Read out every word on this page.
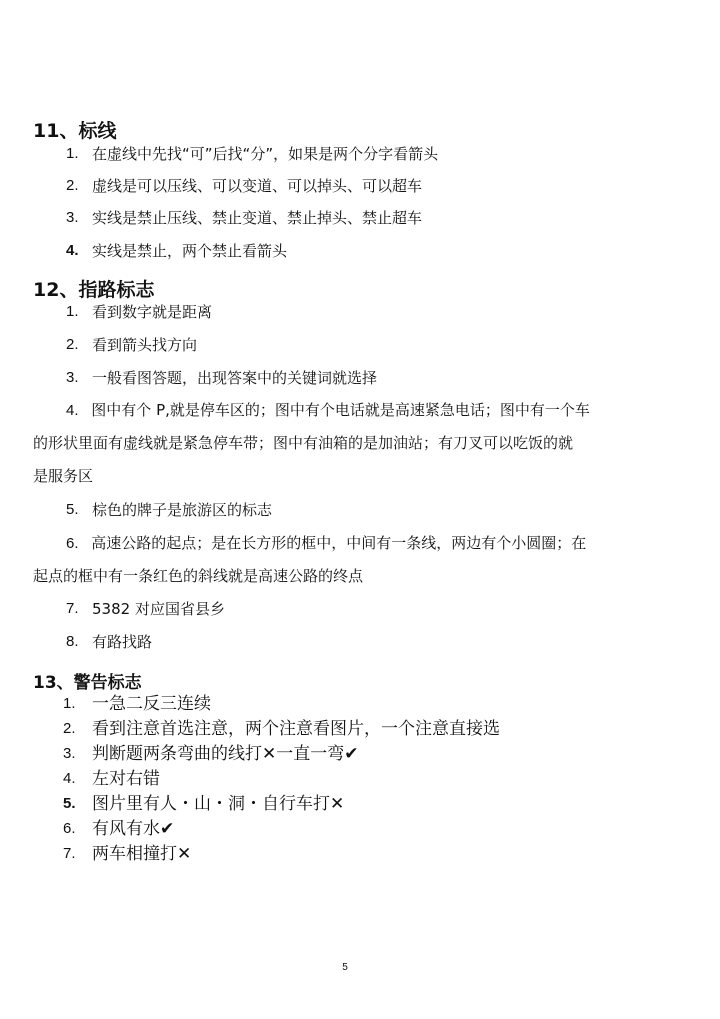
11、标线
1. 在虚线中先找“可”后找“分”，如果是两个分字看箭头
2. 虚线是可以压线、可以变道、可以掉头、可以超车
3. 实线是禁止压线、禁止变道、禁止掉头、禁止超车
4. 实线是禁止，两个禁止看箭头
12、指路标志
1. 看到数字就是距离
2. 看到箭头找方向
3. 一般看图答题，出现答案中的关键词就选择
4. 图中有个 P,就是停车区的；图中有个电话就是高速紧急电话；图中有一个车
的形状里面有虚线就是紧急停车带；图中有油箱的是加油站；有刀叉可以吃饭的就
是服务区
5. 棕色的牌子是旅游区的标志
6. 高速公路的起点；是在长方形的框中，中间有一条线，两边有个小圆圈；在
起点的框中有一条红色的斜线就是高速公路的终点
7. 5382 对应国省县乡
8. 有路找路
13、警告标志
1. 一急二反三连续
2. 看到注意首选注意，两个注意看图片，一个注意直接选
3. 判断题两条弯曲的线打✕一直一弯✔
4. 左对右错
5. 图片里有人・山・洞・自行车打✕
6. 有风有水✔
7. 两车相撞打✕
5
